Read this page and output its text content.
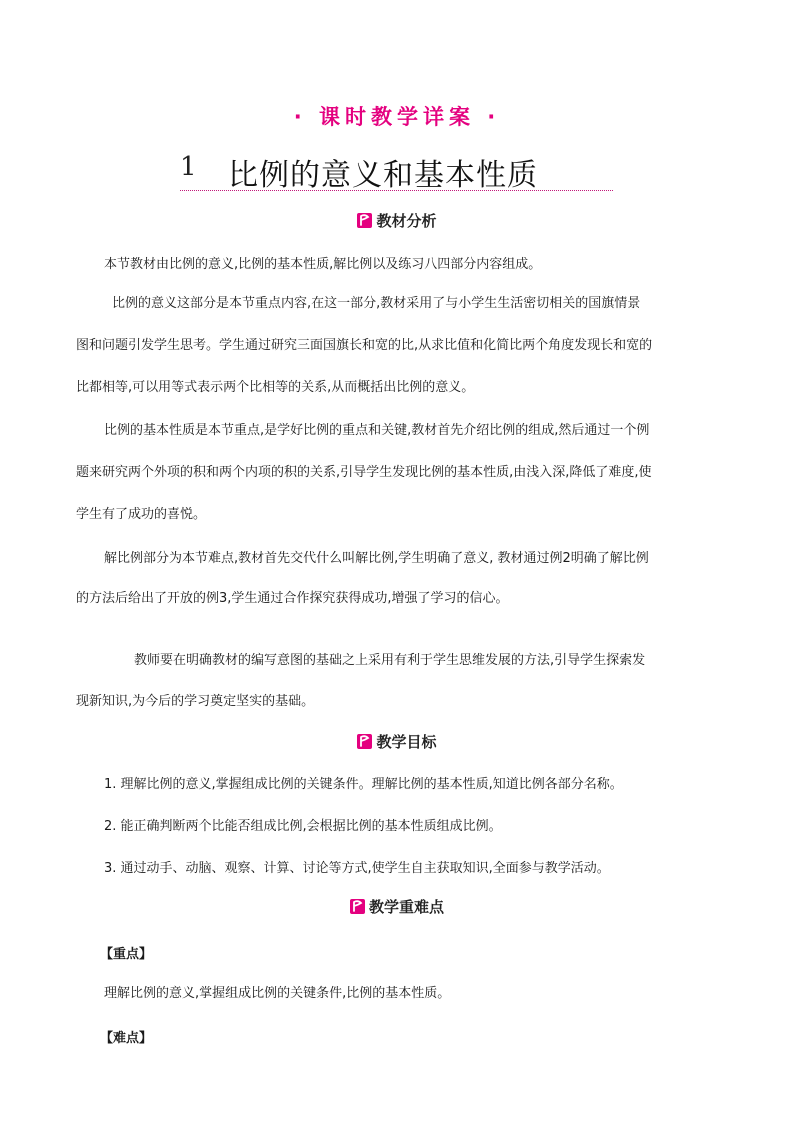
· 课时教学详案 ·
1 比例的意义和基本性质
教材分析

本节教材由比例的意义,比例的基本性质,解比例以及练习八四部分内容组成。

比例的意义这部分是本节重点内容,在这一部分,教材采用了与小学生生活密切相关的国旗情景

图和问题引发学生思考。学生通过研究三面国旗长和宽的比,从求比值和化简比两个角度发现长和宽的

比都相等,可以用等式表示两个比相等的关系,从而概括出比例的意义。

比例的基本性质是本节重点,是学好比例的重点和关键,教材首先介绍比例的组成,然后通过一个例

题来研究两个外项的积和两个内项的积的关系,引导学生发现比例的基本性质,由浅入深,降低了难度,使

学生有了成功的喜悦。

解比例部分为本节难点,教材首先交代什么叫解比例,学生明确了意义, 教材通过例2明确了解比例

的方法后给出了开放的例3,学生通过合作探究获得成功,增强了学习的信心。

教师要在明确教材的编写意图的基础之上采用有利于学生思维发展的方法,引导学生探索发

现新知识,为今后的学习奠定坚实的基础。

教学目标

1. 理解比例的意义,掌握组成比例的关键条件。理解比例的基本性质,知道比例各部分名称。

2. 能正确判断两个比能否组成比例,会根据比例的基本性质组成比例。

3. 通过动手、动脑、观察、计算、讨论等方式,使学生自主获取知识,全面参与教学活动。

教学重难点
【重点】

理解比例的意义,掌握组成比例的关键条件,比例的基本性质。

【难点】
